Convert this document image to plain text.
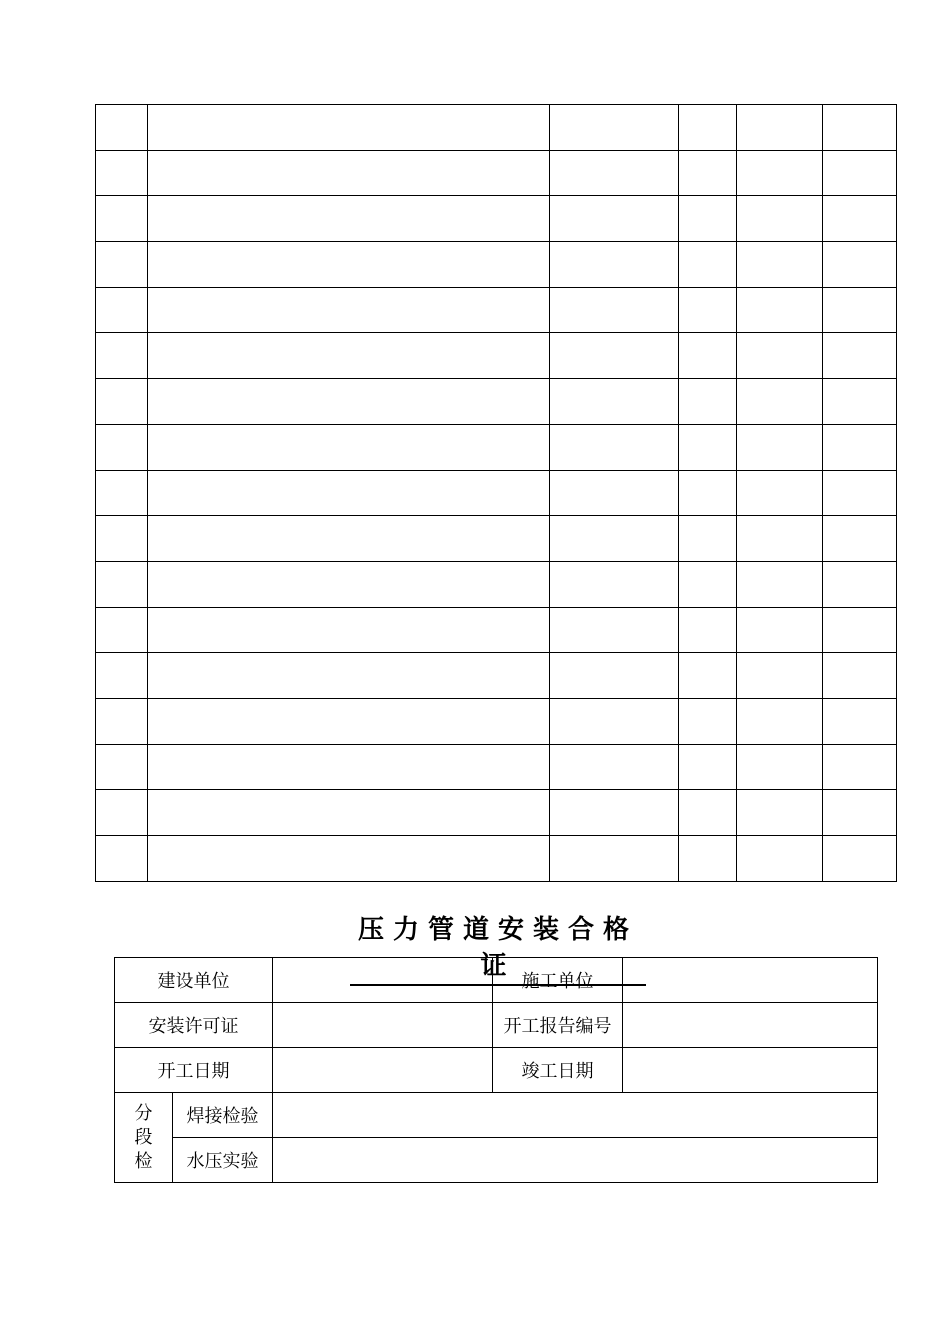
压力管道安装合格证
建设单位			施工单位	
安装许可证			开工报告编号	
开工日期			竣工日期	

分
段
检	焊接检验			
	水压实验			
